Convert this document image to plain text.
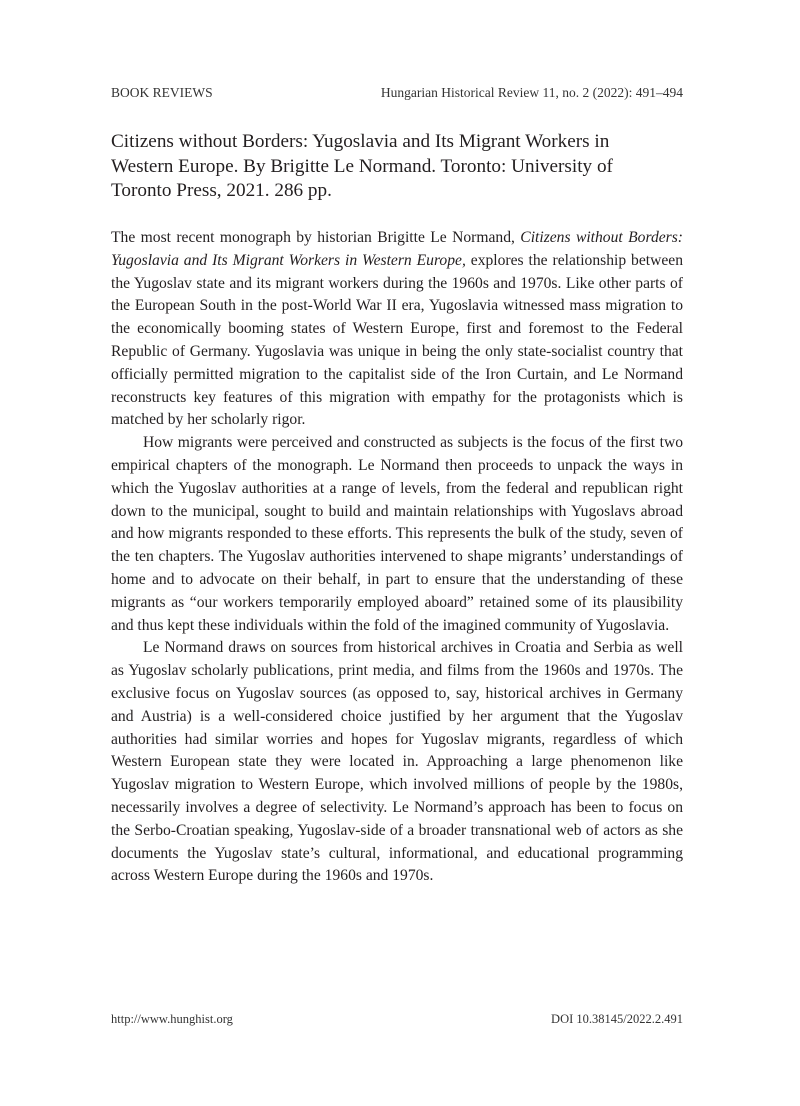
BOOK REVIEWS	Hungarian Historical Review 11, no. 2 (2022): 491–494
Citizens without Borders: Yugoslavia and Its Migrant Workers in Western Europe. By Brigitte Le Normand. Toronto: University of Toronto Press, 2021. 286 pp.

The most recent monograph by historian Brigitte Le Normand, Citizens without Borders: Yugoslavia and Its Migrant Workers in Western Europe, explores the relationship between the Yugoslav state and its migrant workers during the 1960s and 1970s. Like other parts of the European South in the post-World War II era, Yugoslavia witnessed mass migration to the economically booming states of Western Europe, first and foremost to the Federal Republic of Germany. Yugoslavia was unique in being the only state-socialist country that officially permitted migration to the capitalist side of the Iron Curtain, and Le Normand reconstructs key features of this migration with empathy for the protagonists which is matched by her scholarly rigor.

How migrants were perceived and constructed as subjects is the focus of the first two empirical chapters of the monograph. Le Normand then proceeds to unpack the ways in which the Yugoslav authorities at a range of levels, from the federal and republican right down to the municipal, sought to build and maintain relationships with Yugoslavs abroad and how migrants responded to these efforts. This represents the bulk of the study, seven of the ten chapters. The Yugoslav authorities intervened to shape migrants’ understandings of home and to advocate on their behalf, in part to ensure that the understanding of these migrants as “our workers temporarily employed aboard” retained some of its plausibility and thus kept these individuals within the fold of the imagined community of Yugoslavia.

Le Normand draws on sources from historical archives in Croatia and Serbia as well as Yugoslav scholarly publications, print media, and films from the 1960s and 1970s. The exclusive focus on Yugoslav sources (as opposed to, say, historical archives in Germany and Austria) is a well-considered choice justified by her argument that the Yugoslav authorities had similar worries and hopes for Yugoslav migrants, regardless of which Western European state they were located in. Approaching a large phenomenon like Yugoslav migration to Western Europe, which involved millions of people by the 1980s, necessarily involves a degree of selectivity. Le Normand’s approach has been to focus on the Serbo-Croatian speaking, Yugoslav-side of a broader transnational web of actors as she documents the Yugoslav state’s cultural, informational, and educational programming across Western Europe during the 1960s and 1970s.

http://www.hunghist.org	DOI 10.38145/2022.2.491
